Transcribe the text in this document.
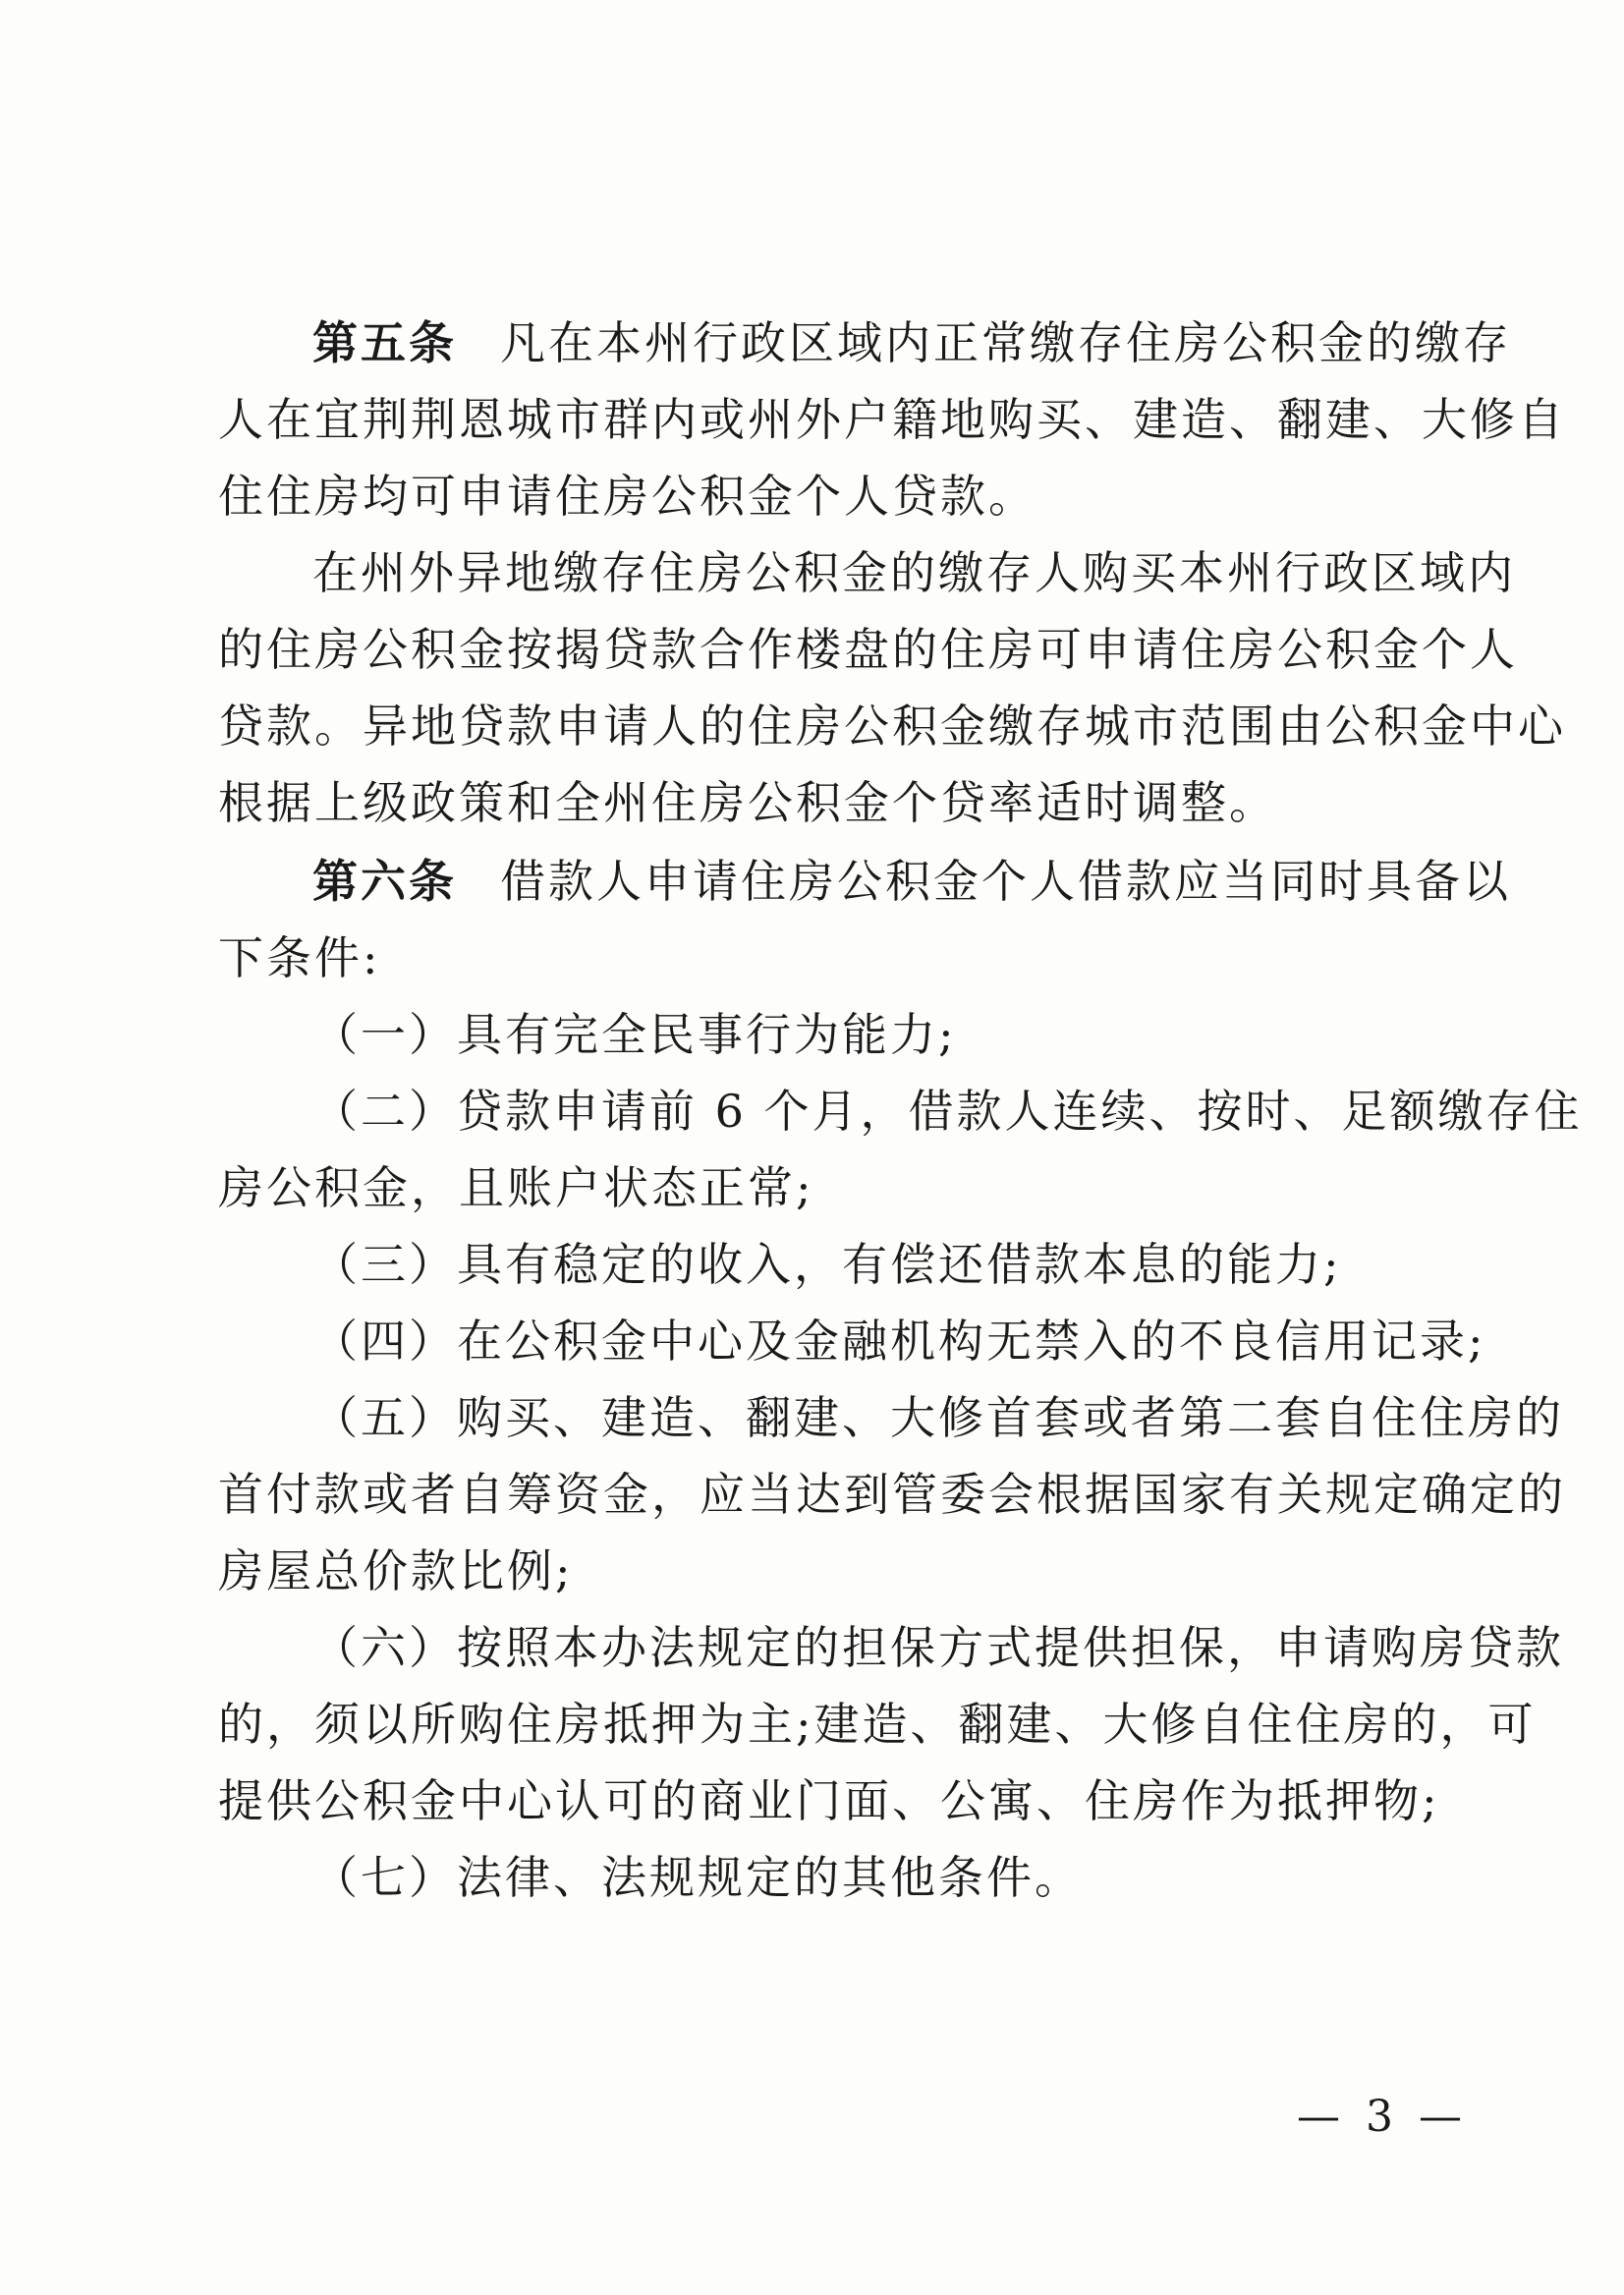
第五条 凡在本州行政区域内正常缴存住房公积金的缴存
人在宜荆荆恩城市群内或州外户籍地购买、建造、翻建、大修自
住住房均可申请住房公积金个人贷款。
在州外异地缴存住房公积金的缴存人购买本州行政区域内
的住房公积金按揭贷款合作楼盘的住房可申请住房公积金个人
贷款。异地贷款申请人的住房公积金缴存城市范围由公积金中心
根据上级政策和全州住房公积金个贷率适时调整。
第六条 借款人申请住房公积金个人借款应当同时具备以
下条件:
（一）具有完全民事行为能力;
（二）贷款申请前 6 个月，借款人连续、按时、足额缴存住
房公积金，且账户状态正常;
（三）具有稳定的收入，有偿还借款本息的能力;
（四）在公积金中心及金融机构无禁入的不良信用记录;
（五）购买、建造、翻建、大修首套或者第二套自住住房的
首付款或者自筹资金，应当达到管委会根据国家有关规定确定的
房屋总价款比例;
（六）按照本办法规定的担保方式提供担保，申请购房贷款
的，须以所购住房抵押为主;建造、翻建、大修自住住房的，可
提供公积金中心认可的商业门面、公寓、住房作为抵押物;
（七）法律、法规规定的其他条件。
— 3 —
